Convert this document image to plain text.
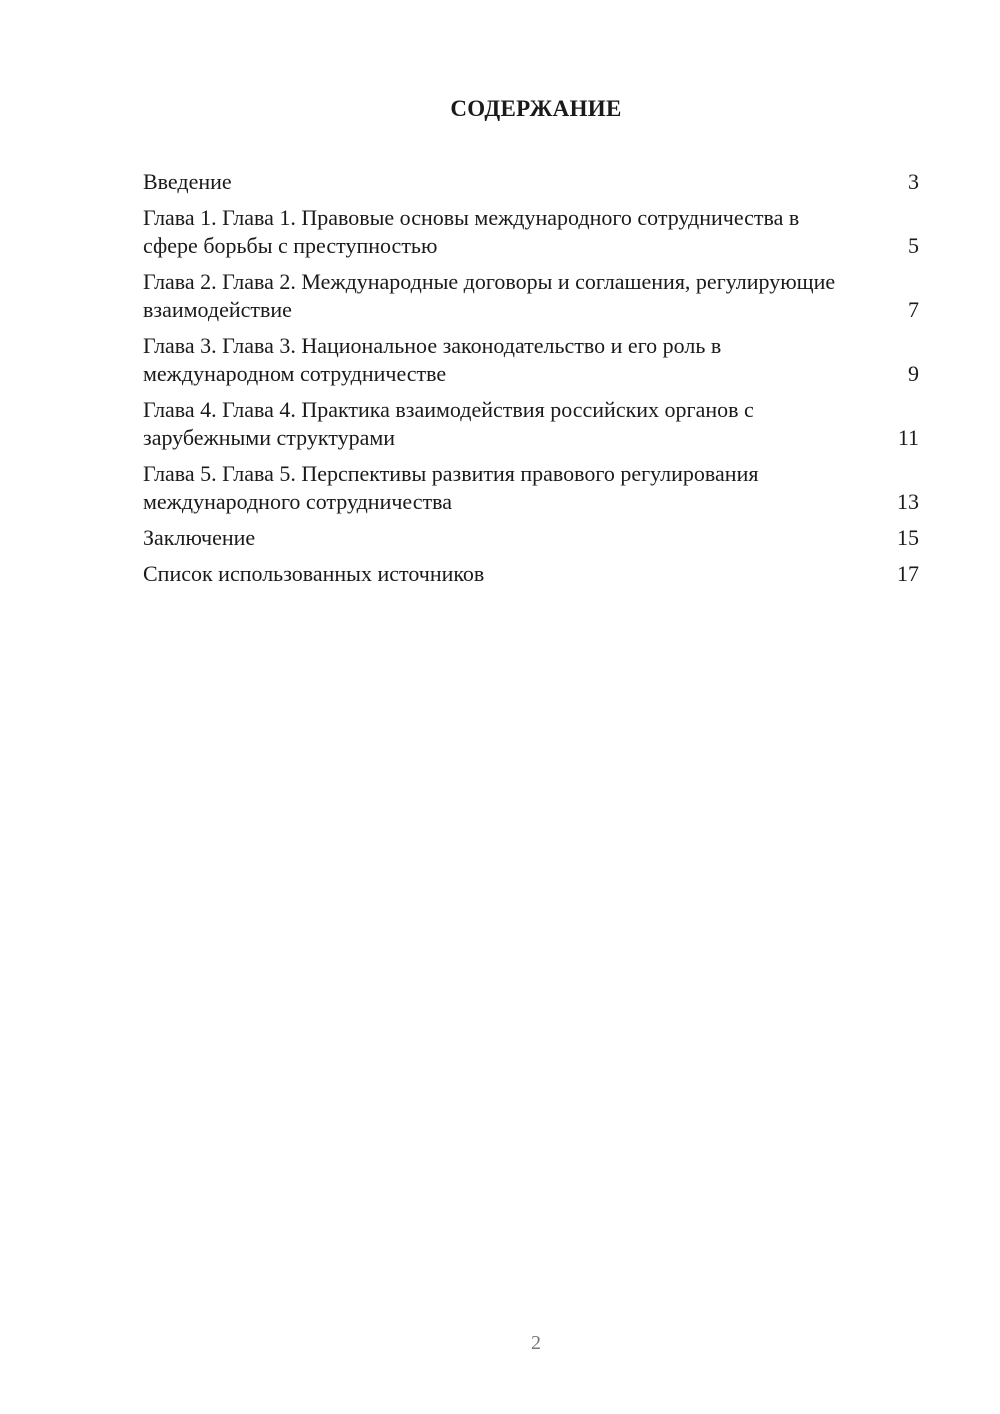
СОДЕРЖАНИЕ
Введение	3
Глава 1. Глава 1. Правовые основы международного сотрудничества в сфере борьбы с преступностью	5
Глава 2. Глава 2. Международные договоры и соглашения, регулирующие взаимодействие	7
Глава 3. Глава 3. Национальное законодательство и его роль в международном сотрудничестве	9
Глава 4. Глава 4. Практика взаимодействия российских органов с зарубежными структурами	11
Глава 5. Глава 5. Перспективы развития правового регулирования международного сотрудничества	13
Заключение	15
Список использованных источников	17
2
